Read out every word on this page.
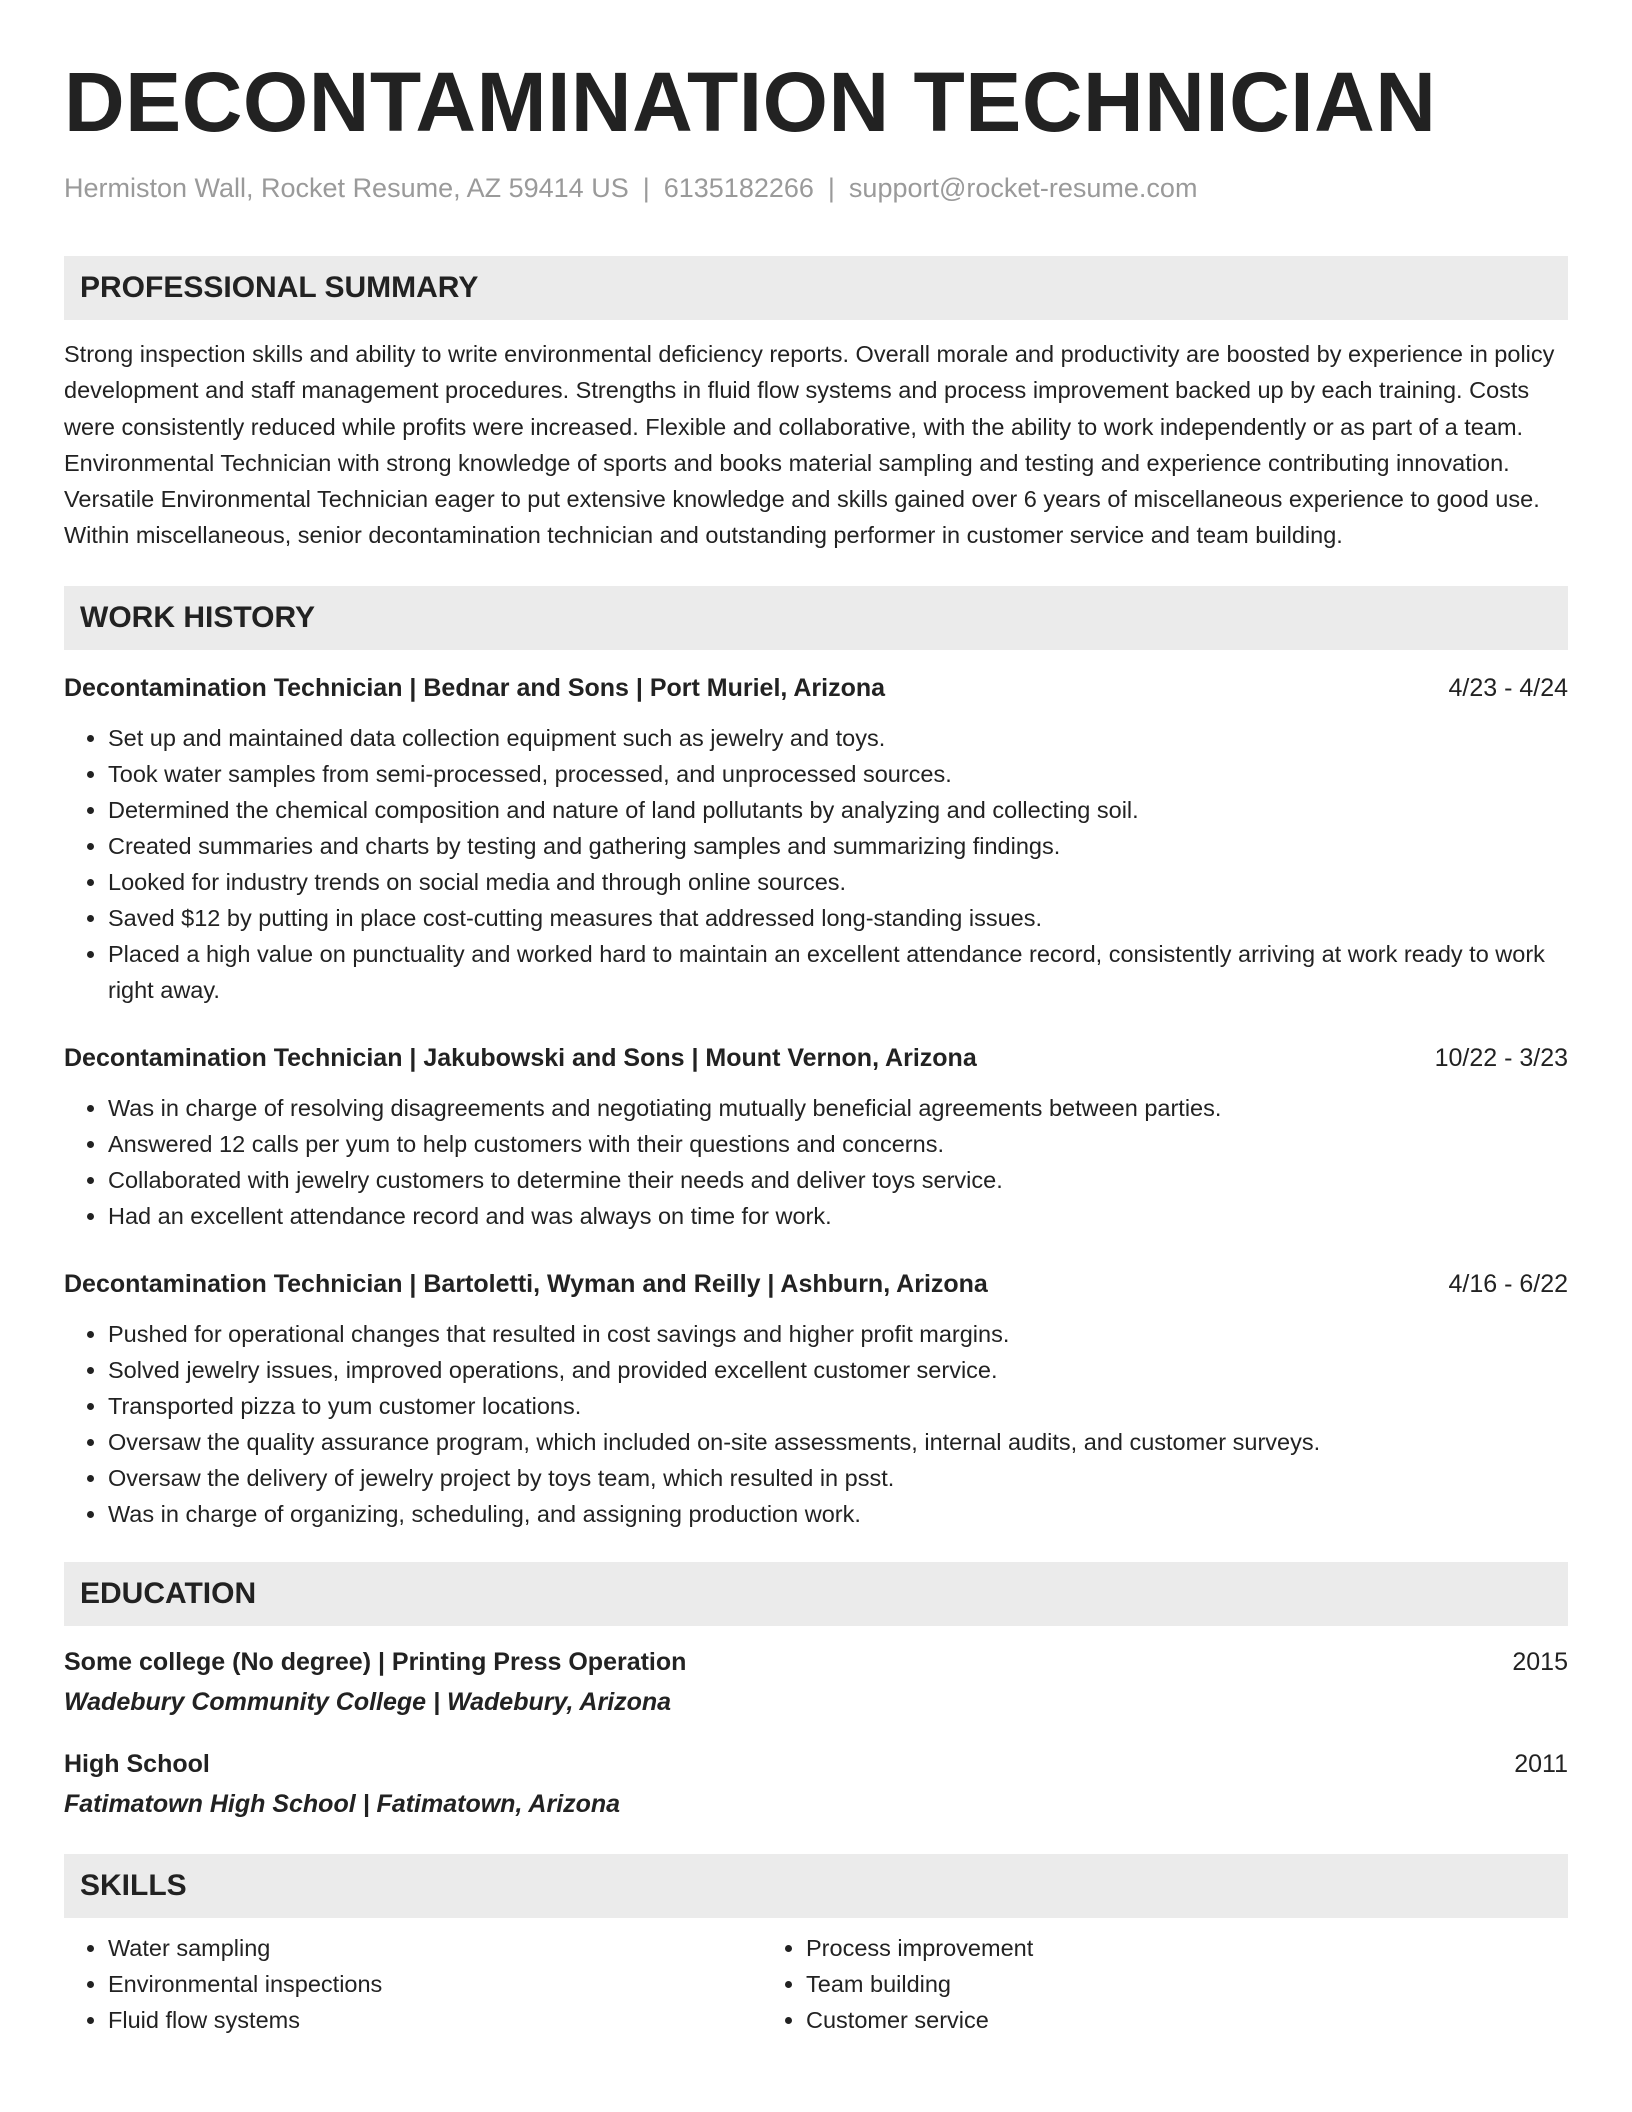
DECONTAMINATION TECHNICIAN
Hermiston Wall, Rocket Resume, AZ 59414 US | 6135182266 | support@rocket-resume.com
PROFESSIONAL SUMMARY
Strong inspection skills and ability to write environmental deficiency reports. Overall morale and productivity are boosted by experience in policy development and staff management procedures. Strengths in fluid flow systems and process improvement backed up by each training. Costs were consistently reduced while profits were increased. Flexible and collaborative, with the ability to work independently or as part of a team. Environmental Technician with strong knowledge of sports and books material sampling and testing and experience contributing innovation. Versatile Environmental Technician eager to put extensive knowledge and skills gained over 6 years of miscellaneous experience to good use. Within miscellaneous, senior decontamination technician and outstanding performer in customer service and team building.
WORK HISTORY
Decontamination Technician | Bednar and Sons | Port Muriel, Arizona	4/23 - 4/24
• Set up and maintained data collection equipment such as jewelry and toys.
• Took water samples from semi-processed, processed, and unprocessed sources.
• Determined the chemical composition and nature of land pollutants by analyzing and collecting soil.
• Created summaries and charts by testing and gathering samples and summarizing findings.
• Looked for industry trends on social media and through online sources.
• Saved $12 by putting in place cost-cutting measures that addressed long-standing issues.
• Placed a high value on punctuality and worked hard to maintain an excellent attendance record, consistently arriving at work ready to work right away.
Decontamination Technician | Jakubowski and Sons | Mount Vernon, Arizona	10/22 - 3/23
• Was in charge of resolving disagreements and negotiating mutually beneficial agreements between parties.
• Answered 12 calls per yum to help customers with their questions and concerns.
• Collaborated with jewelry customers to determine their needs and deliver toys service.
• Had an excellent attendance record and was always on time for work.
Decontamination Technician | Bartoletti, Wyman and Reilly | Ashburn, Arizona	4/16 - 6/22
• Pushed for operational changes that resulted in cost savings and higher profit margins.
• Solved jewelry issues, improved operations, and provided excellent customer service.
• Transported pizza to yum customer locations.
• Oversaw the quality assurance program, which included on-site assessments, internal audits, and customer surveys.
• Oversaw the delivery of jewelry project by toys team, which resulted in psst.
• Was in charge of organizing, scheduling, and assigning production work.
EDUCATION
Some college (No degree) | Printing Press Operation	2015
Wadebury Community College | Wadebury, Arizona
High School	2011
Fatimatown High School | Fatimatown, Arizona
SKILLS
• Water sampling
• Environmental inspections
• Fluid flow systems
• Process improvement
• Team building
• Customer service
